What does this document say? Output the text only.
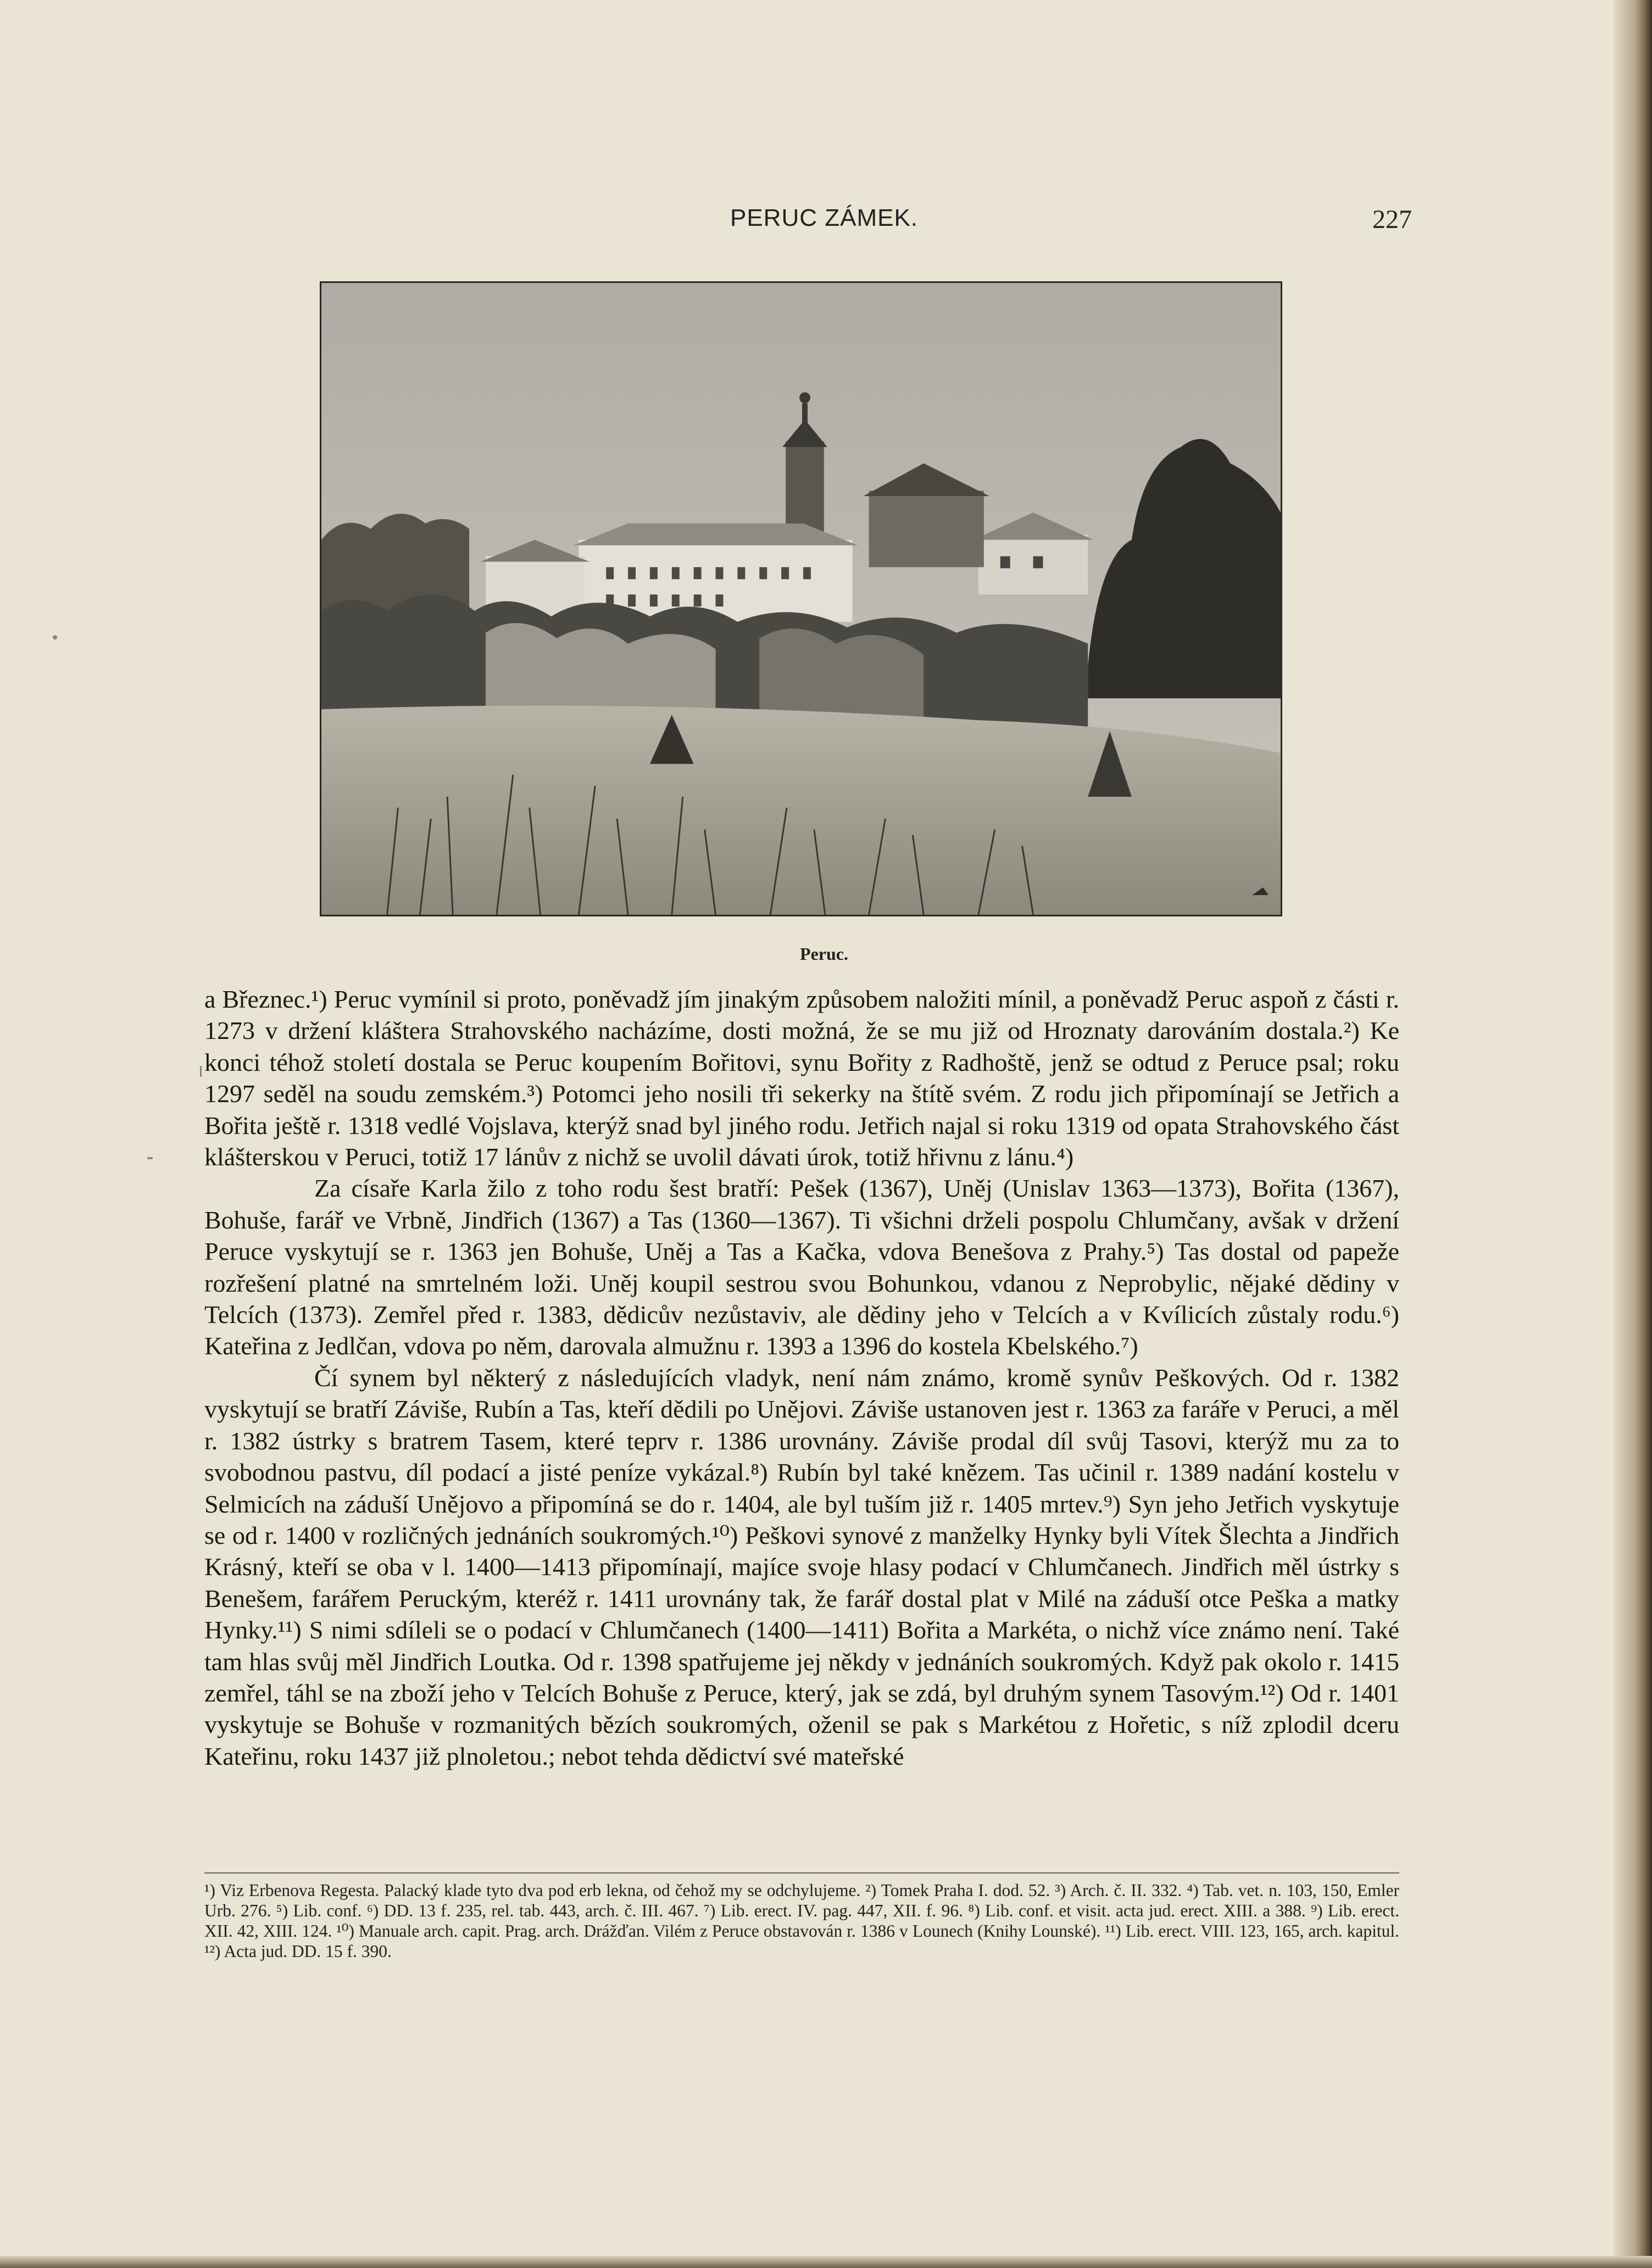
PERUC ZÁMEK.	227
Peruc.

a Březnec.¹) Peruc vymínil si proto, poněvadž jím jinakým způsobem naložiti mínil, a poněvadž Peruc aspoň z části r. 1273 v držení kláštera Strahovského nacházíme, dosti možná, že se mu již od Hroznaty darováním dostala.²) Ke konci téhož století dostala se Peruc koupením Bořitovi, synu Bořity z Radhoště, jenž se odtud z Peruce psal; roku 1297 seděl na soudu zemském.³) Potomci jeho nosili tři sekerky na štítě svém. Z rodu jich připomínají se Jetřich a Bořita ještě r. 1318 vedlé Vojslava, kterýž snad byl jiného rodu. Jetřich najal si roku 1319 od opata Strahovského část klášterskou v Peruci, totiž 17 lánův z nichž se uvolil dávati úrok, totiž hřivnu z lánu.⁴)

Za císaře Karla žilo z toho rodu šest bratří: Pešek (1367), Uněj (Unislav 1363—1373), Bořita (1367), Bohuše, farář ve Vrbně, Jindřich (1367) a Tas (1360—1367). Ti všichni drželi pospolu Chlumčany, avšak v držení Peruce vyskytují se r. 1363 jen Bohuše, Uněj a Tas a Kačka, vdova Benešova z Prahy.⁵) Tas dostal od papeže rozřešení platné na smrtelném loži. Uněj koupil sestrou svou Bohunkou, vdanou z Neprobylic, nějaké dědiny v Telcích (1373). Zemřel před r. 1383, dědicův nezůstaviv, ale dědiny jeho v Telcích a v Kvílicích zůstaly rodu.⁶) Kateřina z Jedlčan, vdova po něm, darovala almužnu r. 1393 a 1396 do kostela Kbelského.⁷)

Čí synem byl některý z následujících vladyk, není nám známo, kromě synův Peškových. Od r. 1382 vyskytují se bratří Záviše, Rubín a Tas, kteří dědili po Unějovi. Záviše ustanoven jest r. 1363 za faráře v Peruci, a měl r. 1382 ústrky s bratrem Tasem, které teprv r. 1386 urovnány. Záviše prodal díl svůj Tasovi, kterýž mu za to svobodnou pastvu, díl podací a jisté peníze vykázal.⁸) Rubín byl také knězem. Tas učinil r. 1389 nadání kostelu v Selmicích na záduší Unějovo a připomíná se do r. 1404, ale byl tuším již r. 1405 mrtev.⁹) Syn jeho Jetřich vyskytuje se od r. 1400 v rozličných jednáních soukromých.¹⁰) Peškovi synové z manželky Hynky byli Vítek Šlechta a Jindřich Krásný, kteří se oba v l. 1400—1413 připomínají, majíce svoje hlasy podací v Chlumčanech. Jindřich měl ústrky s Benešem, farářem Peruckým, kteréž r. 1411 urovnány tak, že farář dostal plat v Milé na záduší otce Peška a matky Hynky.¹¹) S nimi sdíleli se o podací v Chlumčanech (1400—1411) Bořita a Markéta, o nichž více známo není. Také tam hlas svůj měl Jindřich Loutka. Od r. 1398 spatřujeme jej někdy v jednáních soukromých. Když pak okolo r. 1415 zemřel, táhl se na zboží jeho v Telcích Bohuše z Peruce, který, jak se zdá, byl druhým synem Tasovým.¹²) Od r. 1401 vyskytuje se Bohuše v rozmanitých bězích soukromých, oženil se pak s Markétou z Hořetic, s níž zplodil dceru Kateřinu, roku 1437 již plnoletou.; nebot tehda dědictví své mateřské

¹) Viz Erbenova Regesta. Palacký klade tyto dva pod erb lekna, od čehož my se odchylujeme. ²) Tomek Praha I. dod. 52. ³) Arch. č. II. 332. ⁴) Tab. vet. n. 103, 150, Emler Urb. 276. ⁵) Lib. conf. ⁶) DD. 13 f. 235, rel. tab. 443, arch. č. III. 467. ⁷) Lib. erect. IV. pag. 447, XII. f. 96. ⁸) Lib. conf. et visit. acta jud. erect. XIII. a 388. ⁹) Lib. erect. XII. 42, XIII. 124. ¹⁰) Manuale arch. capit. Prag. arch. Drážďan. Vilém z Peruce obstavován r. 1386 v Lounech (Knihy Lounské). ¹¹) Lib. erect. VIII. 123, 165, arch. kapitul. ¹²) Acta jud. DD. 15 f. 390.
